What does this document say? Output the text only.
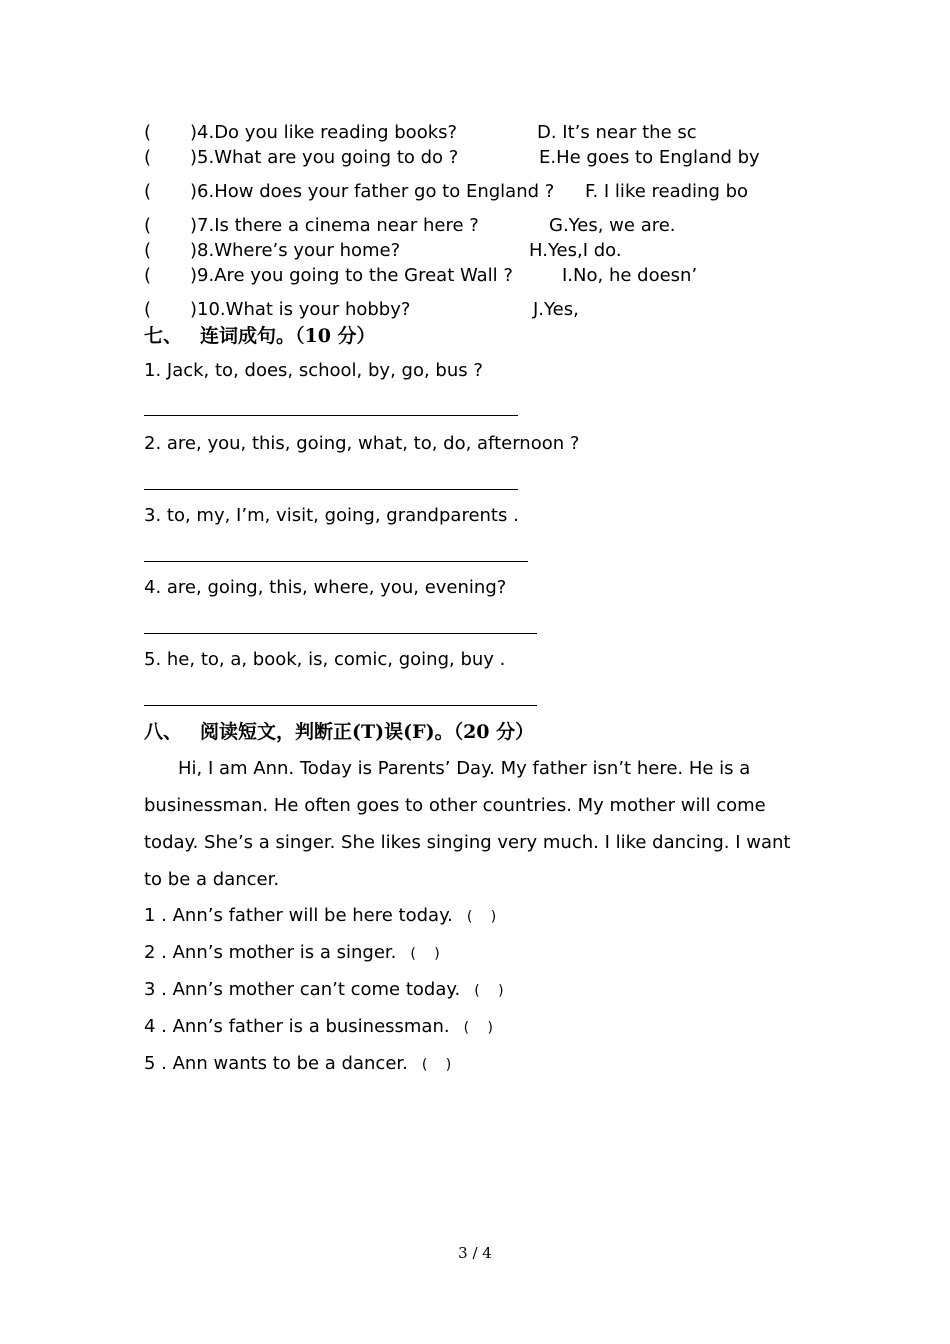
( )4.Do you like reading books?	D. It’s near the sc
( )5.What are you going to do ?	E.He goes to England by
( )6.How does your father go to England ? F. I like reading bo
( )7.Is there a cinema near here ?	G.Yes, we are.
( )8.Where’s your home?	H.Yes,I do.
( )9.Are you going to the Great Wall ?	I.No, he doesn’
( )10.What is your hobby?	J.Yes,
七、 连词成句。（10 分）
1. Jack, to, does, school, by, go, bus ?
2. are, you, this, going, what, to, do, afternoon ?
3. to, my, I’m, visit, going, grandparents .
4. are, going, this, where, you, evening?
5. he, to, a, book, is, comic, going, buy .
八、 阅读短文，判断正(T)误(F)。（20 分）
Hi, I am Ann. Today is Parents’ Day. My father isn’t here. He is a businessman. He often goes to other countries. My mother will come today. She’s a singer. She likes singing very much. I like dancing. I want to be a dancer.
1 . Ann’s father will be here today. ( )
2 . Ann’s mother is a singer. ( )
3 . Ann’s mother can’t come today. ( )
4 . Ann’s father is a businessman. ( )
5 . Ann wants to be a dancer. ( )
3 / 4
